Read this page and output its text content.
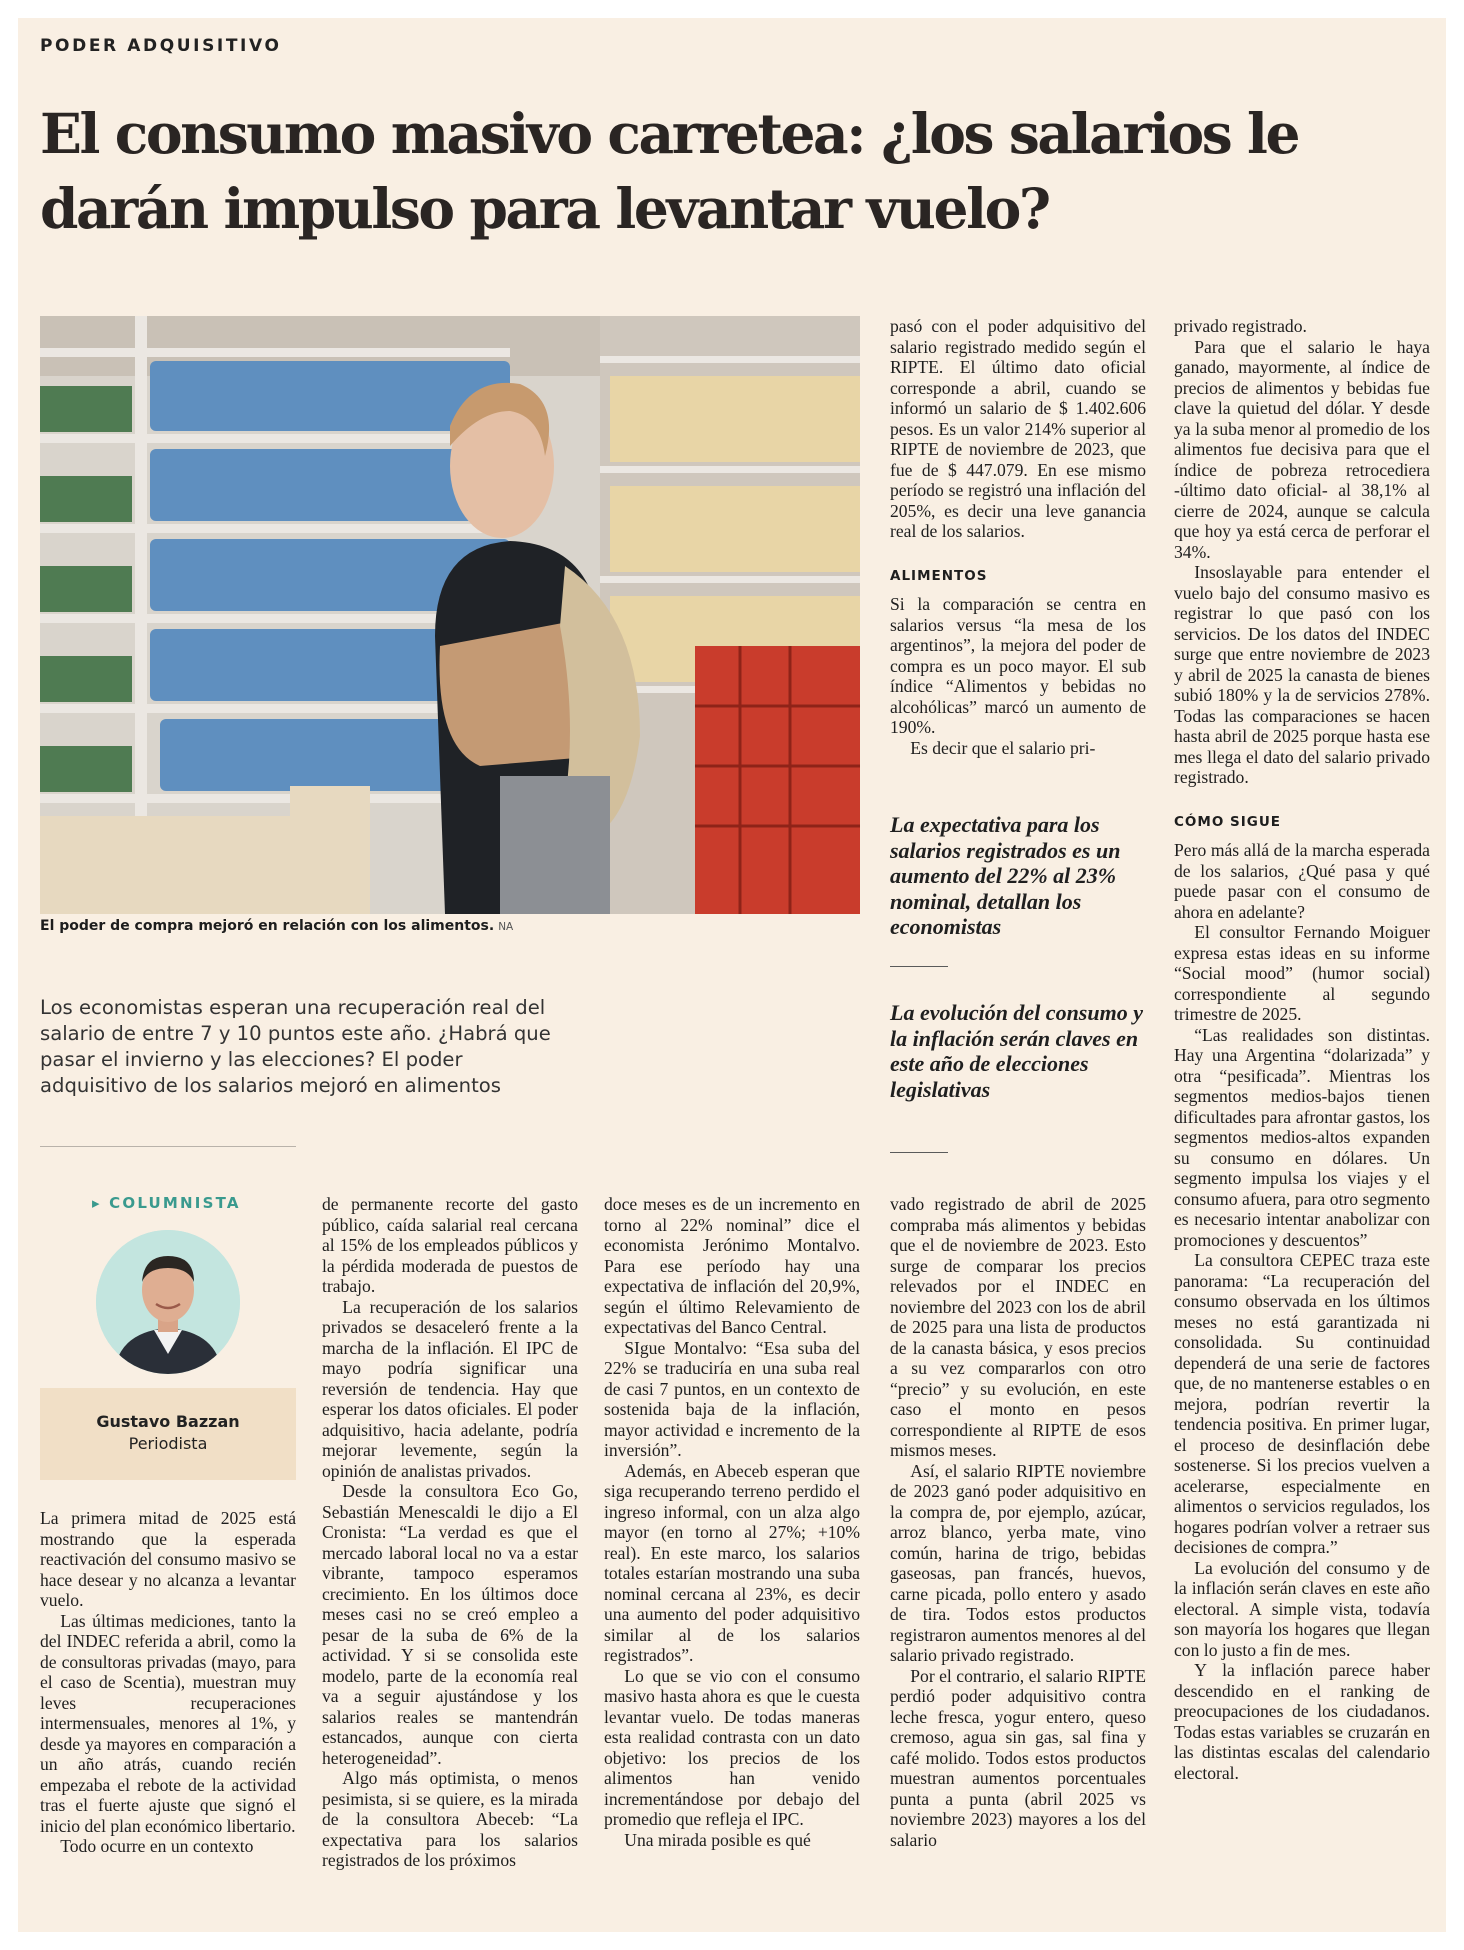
PODER ADQUISITIVO
El consumo masivo carretea: ¿los salarios le darán impulso para levantar vuelo?
El poder de compra mejoró en relación con los alimentos. NA
Los economistas esperan una recuperación real del salario de entre 7 y 10 puntos este año. ¿Habrá que pasar el invierno y las elecciones? El poder adquisitivo de los salarios mejoró en alimentos
▸ COLUMNISTA
Gustavo Bazzan
Periodista

La primera mitad de 2025 está mostrando que la esperada reactivación del consumo masivo se hace desear y no alcanza a levantar vuelo.

Las últimas mediciones, tanto la del INDEC referida a abril, como la de consultoras privadas (mayo, para el caso de Scentia), muestran muy leves recuperaciones intermensuales, menores al 1%, y desde ya mayores en comparación a un año atrás, cuando recién empezaba el rebote de la actividad tras el fuerte ajuste que signó el inicio del plan económico libertario.

Todo ocurre en un contexto

de permanente recorte del gasto público, caída salarial real cercana al 15% de los empleados públicos y la pérdida moderada de puestos de trabajo.

La recuperación de los salarios privados se desaceleró frente a la marcha de la inflación. El IPC de mayo podría significar una reversión de tendencia. Hay que esperar los datos oficiales. El poder adquisitivo, hacia adelante, podría mejorar levemente, según la opinión de analistas privados.

Desde la consultora Eco Go, Sebastián Menescaldi le dijo a El Cronista: “La verdad es que el mercado laboral local no va a estar vibrante, tampoco esperamos crecimiento. En los últimos doce meses casi no se creó empleo a pesar de la suba de 6% de la actividad. Y si se consolida este modelo, parte de la economía real va a seguir ajustándose y los salarios reales se mantendrán estancados, aunque con cierta heterogeneidad”.

Algo más optimista, o menos pesimista, si se quiere, es la mirada de la consultora Abeceb: “La expectativa para los salarios registrados de los próximos

doce meses es de un incremento en torno al 22% nominal” dice el economista Jerónimo Montalvo. Para ese período hay una expectativa de inflación del 20,9%, según el último Relevamiento de expectativas del Banco Central.

SIgue Montalvo: “Esa suba del 22% se traduciría en una suba real de casi 7 puntos, en un contexto de sostenida baja de la inflación, mayor actividad e incremento de la inversión”.

Además, en Abeceb esperan que siga recuperando terreno perdido el ingreso informal, con un alza algo mayor (en torno al 27%; +10% real). En este marco, los salarios totales estarían mostrando una suba nominal cercana al 23%, es decir una aumento del poder adquisitivo similar al de los salarios registrados”.

Lo que se vio con el consumo masivo hasta ahora es que le cuesta levantar vuelo. De todas maneras esta realidad contrasta con un dato objetivo: los precios de los alimentos han venido incrementándose por debajo del promedio que refleja el IPC.

Una mirada posible es qué

pasó con el poder adquisitivo del salario registrado medido según el RIPTE. El último dato oficial corresponde a abril, cuando se informó un salario de $ 1.402.606 pesos. Es un valor 214% superior al RIPTE de noviembre de 2023, que fue de $ 447.079. En ese mismo período se registró una inflación del 205%, es decir una leve ganancia real de los salarios.

ALIMENTOS

Si la comparación se centra en salarios versus “la mesa de los argentinos”, la mejora del poder de compra es un poco mayor. El sub índice “Alimentos y bebidas no alcohólicas” marcó un aumento de 190%.

Es decir que el salario pri-

La expectativa para los salarios registrados es un aumento del 22% al 23% nominal, detallan los economistas
La evolución del consumo y la inflación serán claves en este año de elecciones legislativas

vado registrado de abril de 2025 compraba más alimentos y bebidas que el de noviembre de 2023. Esto surge de comparar los precios relevados por el INDEC en noviembre del 2023 con los de abril de 2025 para una lista de productos de la canasta básica, y esos precios a su vez compararlos con otro “precio” y su evolución, en este caso el monto en pesos correspondiente al RIPTE de esos mismos meses.

Así, el salario RIPTE noviembre de 2023 ganó poder adquisitivo en la compra de, por ejemplo, azúcar, arroz blanco, yerba mate, vino común, harina de trigo, bebidas gaseosas, pan francés, huevos, carne picada, pollo entero y asado de tira. Todos estos productos registraron aumentos menores al del salario privado registrado.

Por el contrario, el salario RIPTE perdió poder adquisitivo contra leche fresca, yogur entero, queso cremoso, agua sin gas, sal fina y café molido. Todos estos productos muestran aumentos porcentuales punta a punta (abril 2025 vs noviembre 2023) mayores a los del salario

privado registrado.

Para que el salario le haya ganado, mayormente, al índice de precios de alimentos y bebidas fue clave la quietud del dólar. Y desde ya la suba menor al promedio de los alimentos fue decisiva para que el índice de pobreza retrocediera -último dato oficial- al 38,1% al cierre de 2024, aunque se calcula que hoy ya está cerca de perforar el 34%.

Insoslayable para entender el vuelo bajo del consumo masivo es registrar lo que pasó con los servicios. De los datos del INDEC surge que entre noviembre de 2023 y abril de 2025 la canasta de bienes subió 180% y la de servicios 278%. Todas las comparaciones se hacen hasta abril de 2025 porque hasta ese mes llega el dato del salario privado registrado.

CÓMO SIGUE

Pero más allá de la marcha esperada de los salarios, ¿Qué pasa y qué puede pasar con el consumo de ahora en adelante?

El consultor Fernando Moiguer expresa estas ideas en su informe “Social mood” (humor social) correspondiente al segundo trimestre de 2025.

“Las realidades son distintas. Hay una Argentina “dolarizada” y otra “pesificada”. Mientras los segmentos medios-bajos tienen dificultades para afrontar gastos, los segmentos medios-altos expanden su consumo en dólares. Un segmento impulsa los viajes y el consumo afuera, para otro segmento es necesario intentar anabolizar con promociones y descuentos”

La consultora CEPEC traza este panorama: “La recuperación del consumo observada en los últimos meses no está garantizada ni consolidada. Su continuidad dependerá de una serie de factores que, de no mantenerse estables o en mejora, podrían revertir la tendencia positiva. En primer lugar, el proceso de desinflación debe sostenerse. Si los precios vuelven a acelerarse, especialmente en alimentos o servicios regulados, los hogares podrían volver a retraer sus decisiones de compra.”

La evolución del consumo y de la inflación serán claves en este año electoral. A simple vista, todavía son mayoría los hogares que llegan con lo justo a fin de mes.

Y la inflación parece haber descendido en el ranking de preocupaciones de los ciudadanos. Todas estas variables se cruzarán en las distintas escalas del calendario electoral.
